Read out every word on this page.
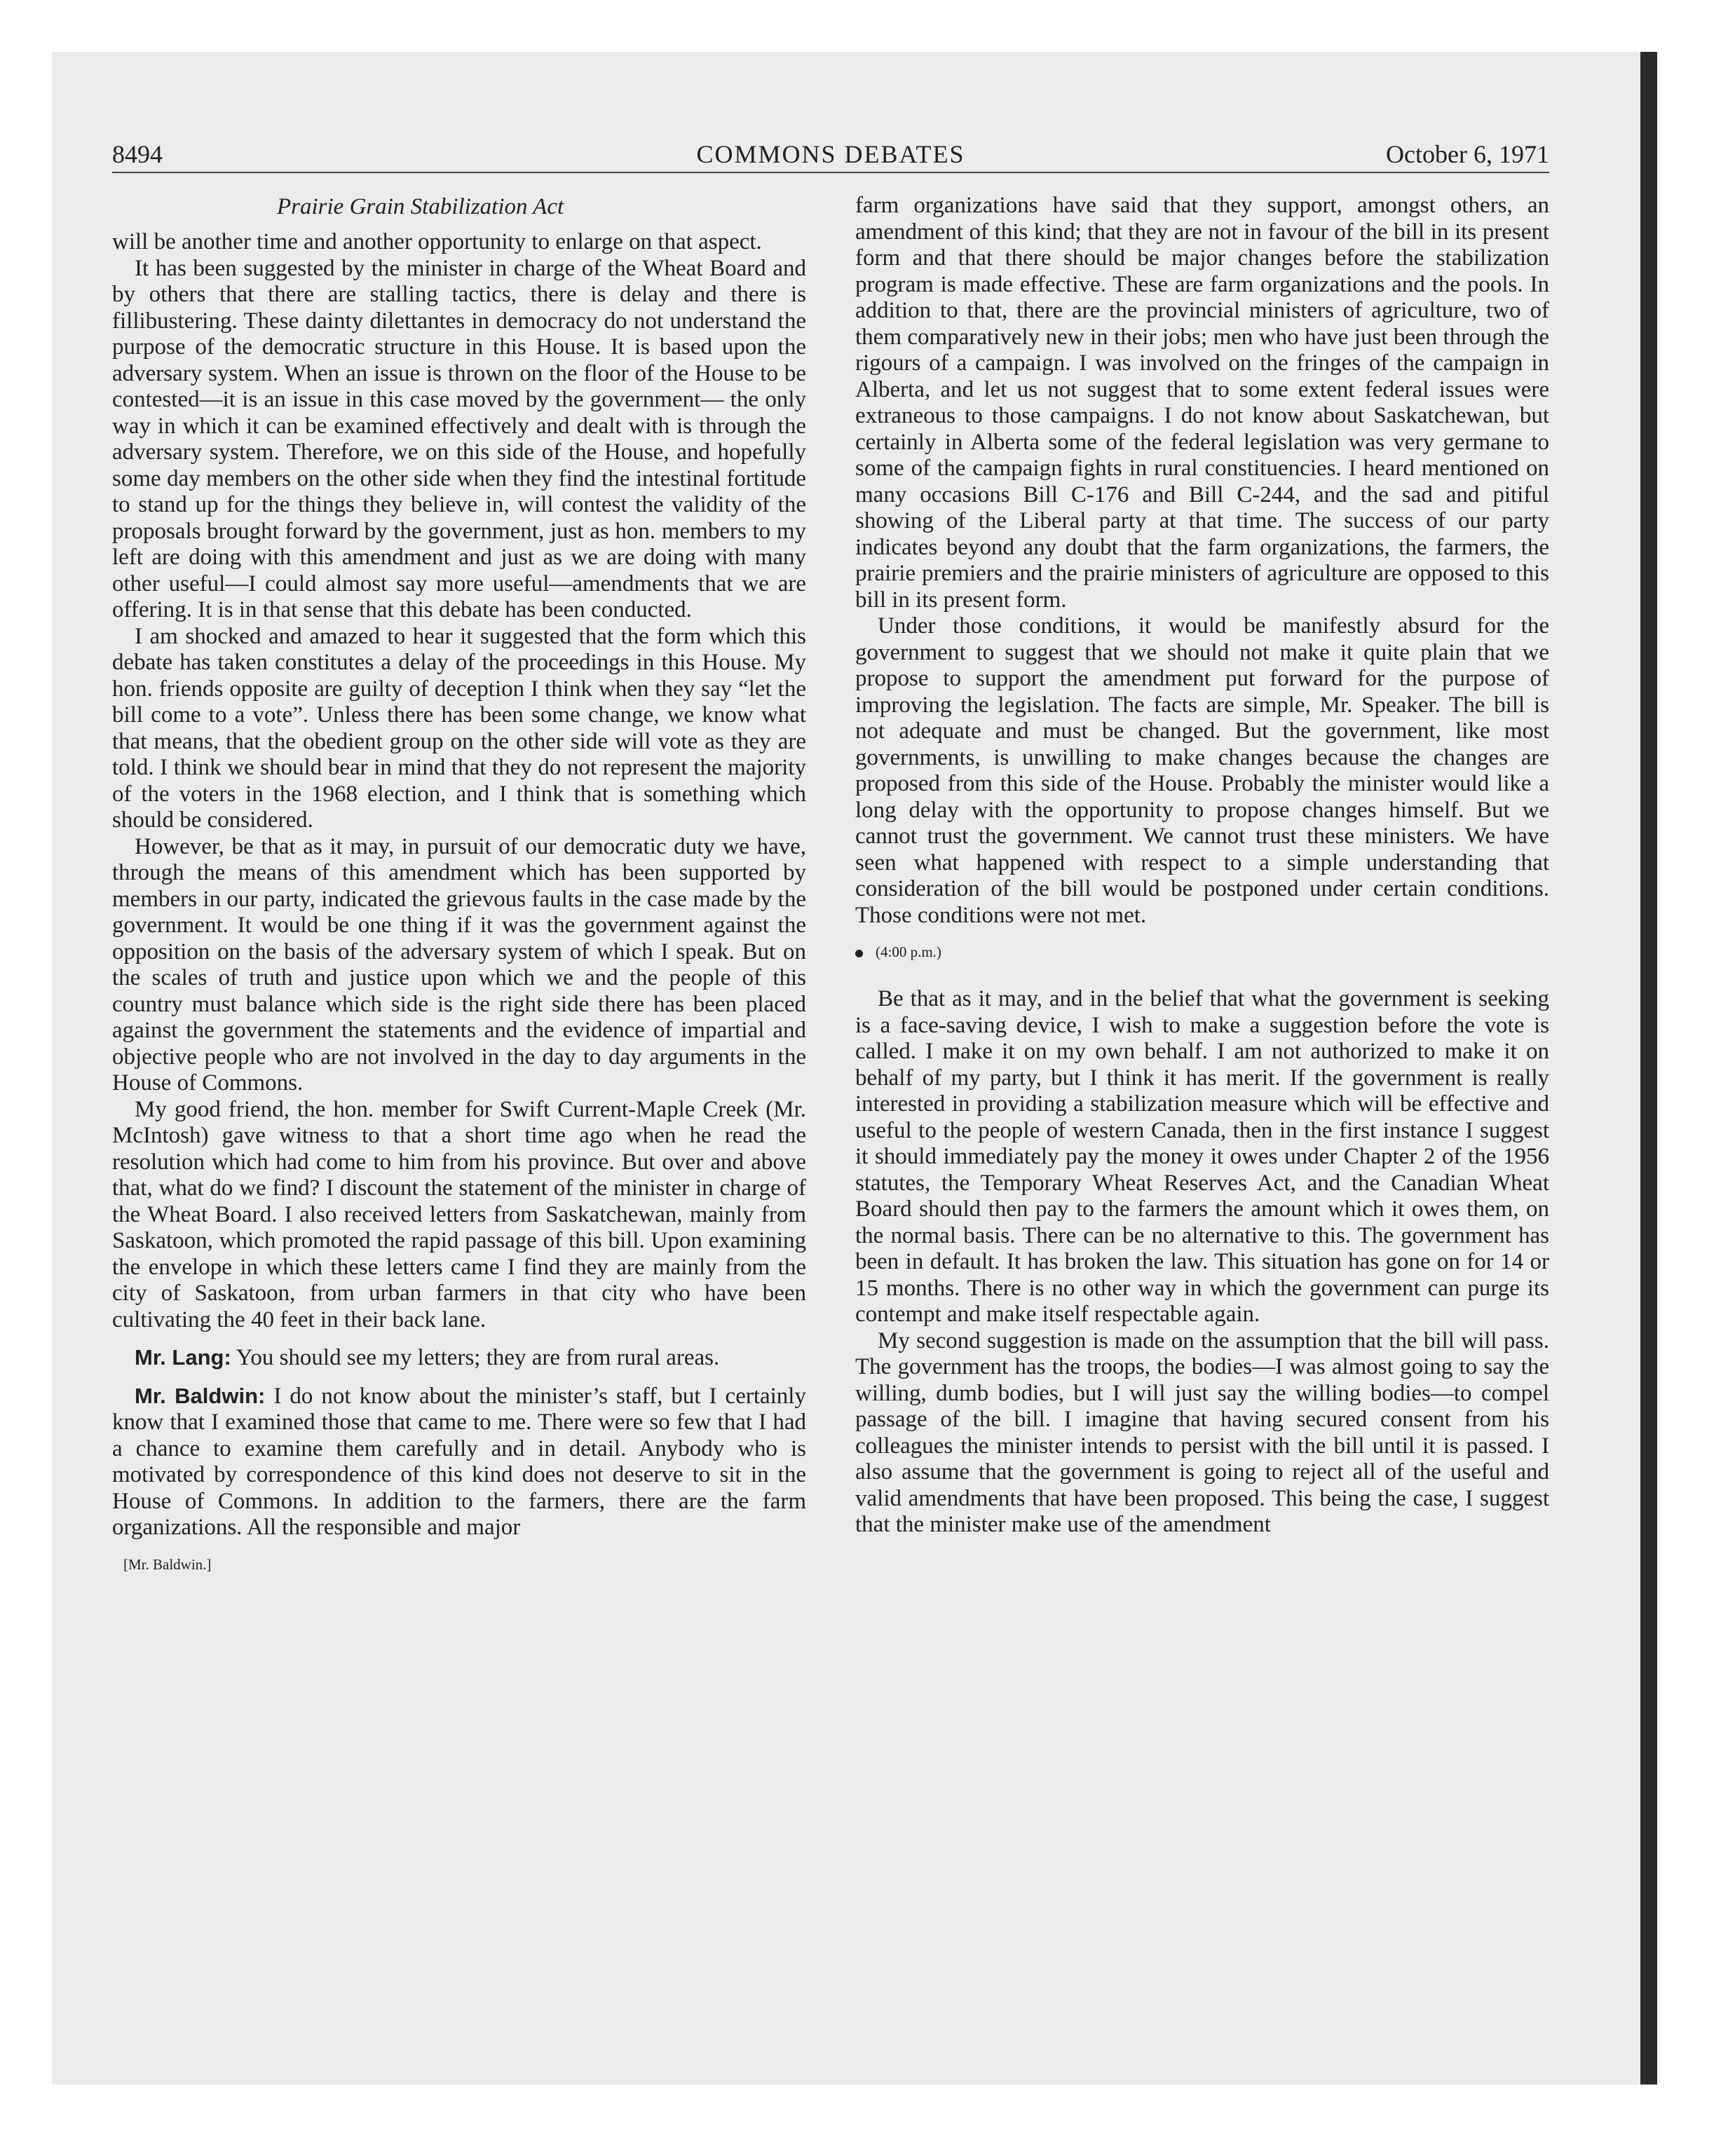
8494	COMMONS DEBATES	October 6, 1971
Prairie Grain Stabilization Act

will be another time and another opportunity to enlarge on that aspect.

It has been suggested by the minister in charge of the Wheat Board and by others that there are stalling tactics, there is delay and there is fillibustering. These dainty dilettantes in democracy do not understand the purpose of the democratic structure in this House. It is based upon the adversary system. When an issue is thrown on the floor of the House to be contested—it is an issue in this case moved by the government— the only way in which it can be examined effectively and dealt with is through the adversary system. Therefore, we on this side of the House, and hopefully some day members on the other side when they find the intestinal fortitude to stand up for the things they believe in, will contest the validity of the proposals brought forward by the government, just as hon. members to my left are doing with this amendment and just as we are doing with many other useful—I could almost say more useful—amendments that we are offering. It is in that sense that this debate has been conducted.

I am shocked and amazed to hear it suggested that the form which this debate has taken constitutes a delay of the proceedings in this House. My hon. friends opposite are guilty of deception I think when they say “let the bill come to a vote”. Unless there has been some change, we know what that means, that the obedient group on the other side will vote as they are told. I think we should bear in mind that they do not represent the majority of the voters in the 1968 election, and I think that is something which should be considered.

However, be that as it may, in pursuit of our democratic duty we have, through the means of this amendment which has been supported by members in our party, indicated the grievous faults in the case made by the government. It would be one thing if it was the government against the opposition on the basis of the adversary system of which I speak. But on the scales of truth and justice upon which we and the people of this country must balance which side is the right side there has been placed against the government the statements and the evidence of impartial and objective people who are not involved in the day to day arguments in the House of Commons.

My good friend, the hon. member for Swift Current-Maple Creek (Mr. McIntosh) gave witness to that a short time ago when he read the resolution which had come to him from his province. But over and above that, what do we find? I discount the statement of the minister in charge of the Wheat Board. I also received letters from Saskatchewan, mainly from Saskatoon, which promoted the rapid passage of this bill. Upon examining the envelope in which these letters came I find they are mainly from the city of Saskatoon, from urban farmers in that city who have been cultivating the 40 feet in their back lane.

Mr. Lang: You should see my letters; they are from rural areas.

Mr. Baldwin: I do not know about the minister’s staff, but I certainly know that I examined those that came to me. There were so few that I had a chance to examine them carefully and in detail. Anybody who is motivated by correspondence of this kind does not deserve to sit in the House of Commons. In addition to the farmers, there are the farm organizations. All the responsible and major

[Mr. Baldwin.]

farm organizations have said that they support, amongst others, an amendment of this kind; that they are not in favour of the bill in its present form and that there should be major changes before the stabilization program is made effective. These are farm organizations and the pools. In addition to that, there are the provincial ministers of agriculture, two of them comparatively new in their jobs; men who have just been through the rigours of a campaign. I was involved on the fringes of the campaign in Alberta, and let us not suggest that to some extent federal issues were extraneous to those campaigns. I do not know about Saskatchewan, but certainly in Alberta some of the federal legislation was very germane to some of the campaign fights in rural constituencies. I heard mentioned on many occasions Bill C-176 and Bill C-244, and the sad and pitiful showing of the Liberal party at that time. The success of our party indicates beyond any doubt that the farm organizations, the farmers, the prairie premiers and the prairie ministers of agriculture are opposed to this bill in its present form.

Under those conditions, it would be manifestly absurd for the government to suggest that we should not make it quite plain that we propose to support the amendment put forward for the purpose of improving the legislation. The facts are simple, Mr. Speaker. The bill is not adequate and must be changed. But the government, like most governments, is unwilling to make changes because the changes are proposed from this side of the House. Probably the minister would like a long delay with the opportunity to propose changes himself. But we cannot trust the government. We cannot trust these ministers. We have seen what happened with respect to a simple understanding that consideration of the bill would be postponed under certain conditions. Those conditions were not met.

(4:00 p.m.)

Be that as it may, and in the belief that what the government is seeking is a face-saving device, I wish to make a suggestion before the vote is called. I make it on my own behalf. I am not authorized to make it on behalf of my party, but I think it has merit. If the government is really interested in providing a stabilization measure which will be effective and useful to the people of western Canada, then in the first instance I suggest it should immediately pay the money it owes under Chapter 2 of the 1956 statutes, the Temporary Wheat Reserves Act, and the Canadian Wheat Board should then pay to the farmers the amount which it owes them, on the normal basis. There can be no alternative to this. The government has been in default. It has broken the law. This situation has gone on for 14 or 15 months. There is no other way in which the government can purge its contempt and make itself respectable again.

My second suggestion is made on the assumption that the bill will pass. The government has the troops, the bodies—I was almost going to say the willing, dumb bodies, but I will just say the willing bodies—to compel passage of the bill. I imagine that having secured consent from his colleagues the minister intends to persist with the bill until it is passed. I also assume that the government is going to reject all of the useful and valid amendments that have been proposed. This being the case, I suggest that the minister make use of the amendment
